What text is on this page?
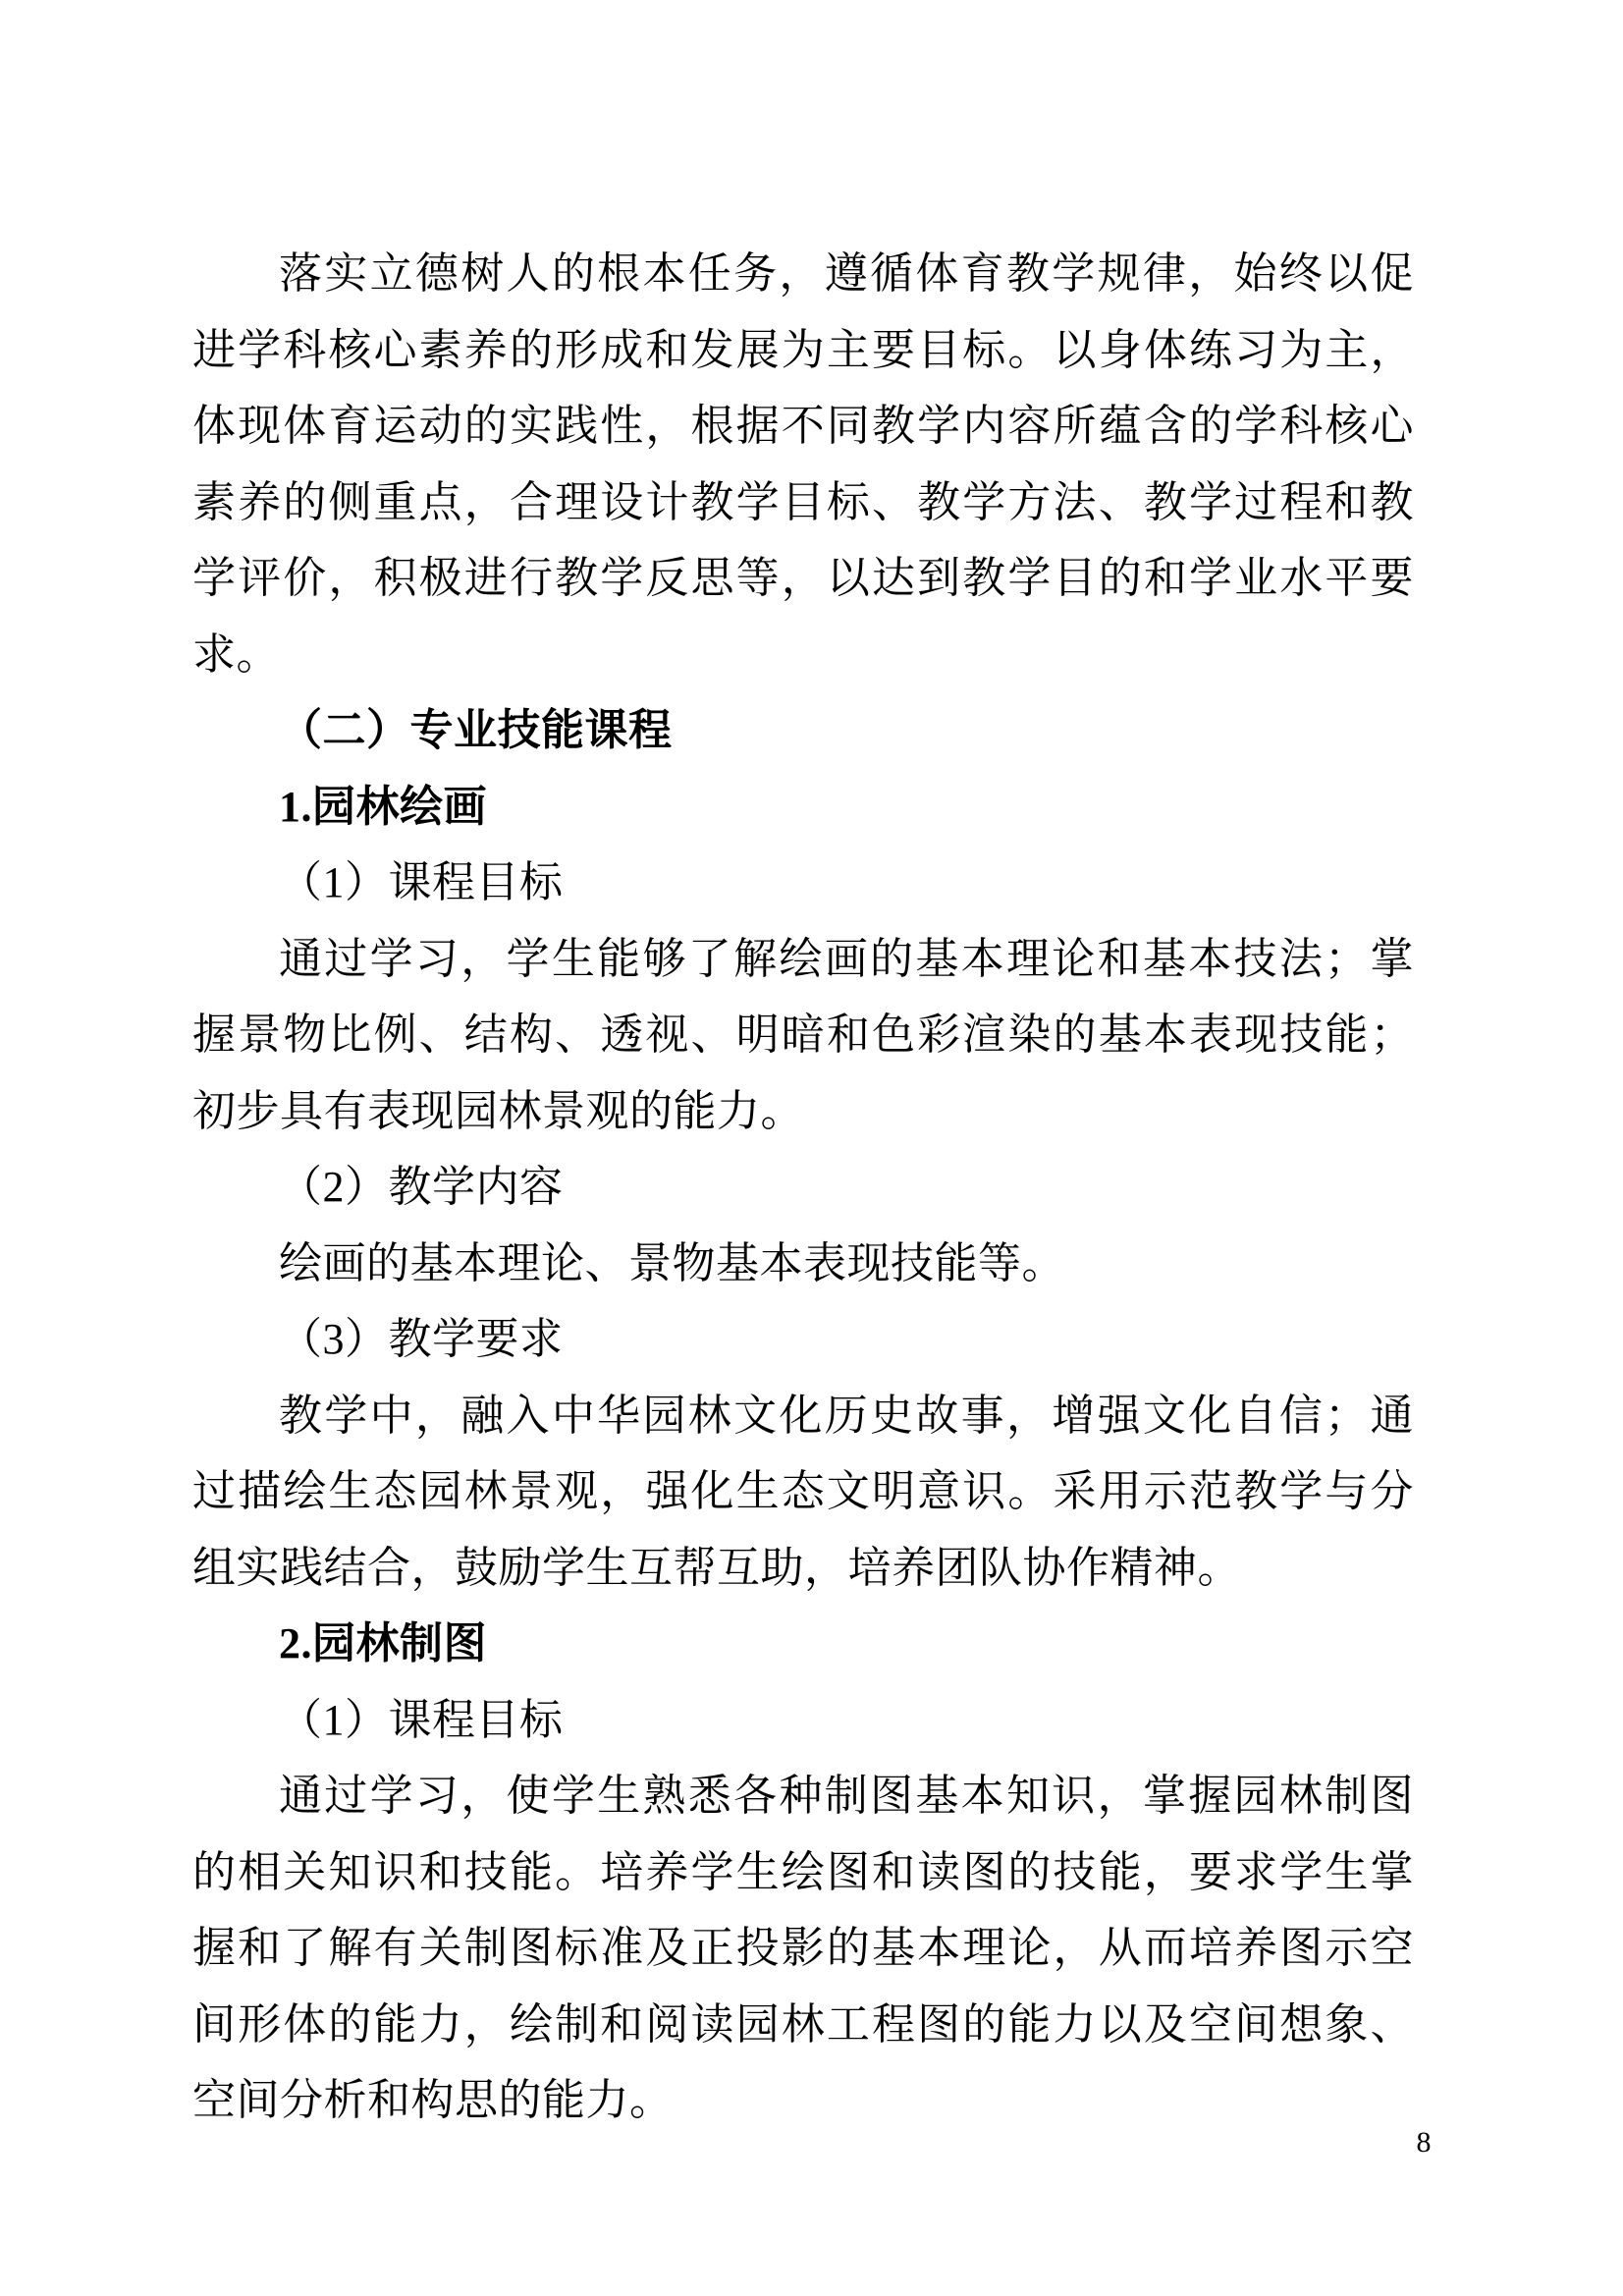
落实立德树人的根本任务，遵循体育教学规律，始终以促进学科核心素养的形成和发展为主要目标。以身体练习为主，体现体育运动的实践性，根据不同教学内容所蕴含的学科核心素养的侧重点，合理设计教学目标、教学方法、教学过程和教学评价，积极进行教学反思等，以达到教学目的和学业水平要求。

（二）专业技能课程

1.园林绘画

（1）课程目标

通过学习，学生能够了解绘画的基本理论和基本技法；掌握景物比例、结构、透视、明暗和色彩渲染的基本表现技能；初步具有表现园林景观的能力。

（2）教学内容

绘画的基本理论、景物基本表现技能等。

（3）教学要求

教学中，融入中华园林文化历史故事，增强文化自信；通过描绘生态园林景观，强化生态文明意识。采用示范教学与分组实践结合，鼓励学生互帮互助，培养团队协作精神。

2.园林制图

（1）课程目标

通过学习，使学生熟悉各种制图基本知识，掌握园林制图的相关知识和技能。培养学生绘图和读图的技能，要求学生掌握和了解有关制图标准及正投影的基本理论，从而培养图示空间形体的能力，绘制和阅读园林工程图的能力以及空间想象、空间分析和构思的能力。

8
